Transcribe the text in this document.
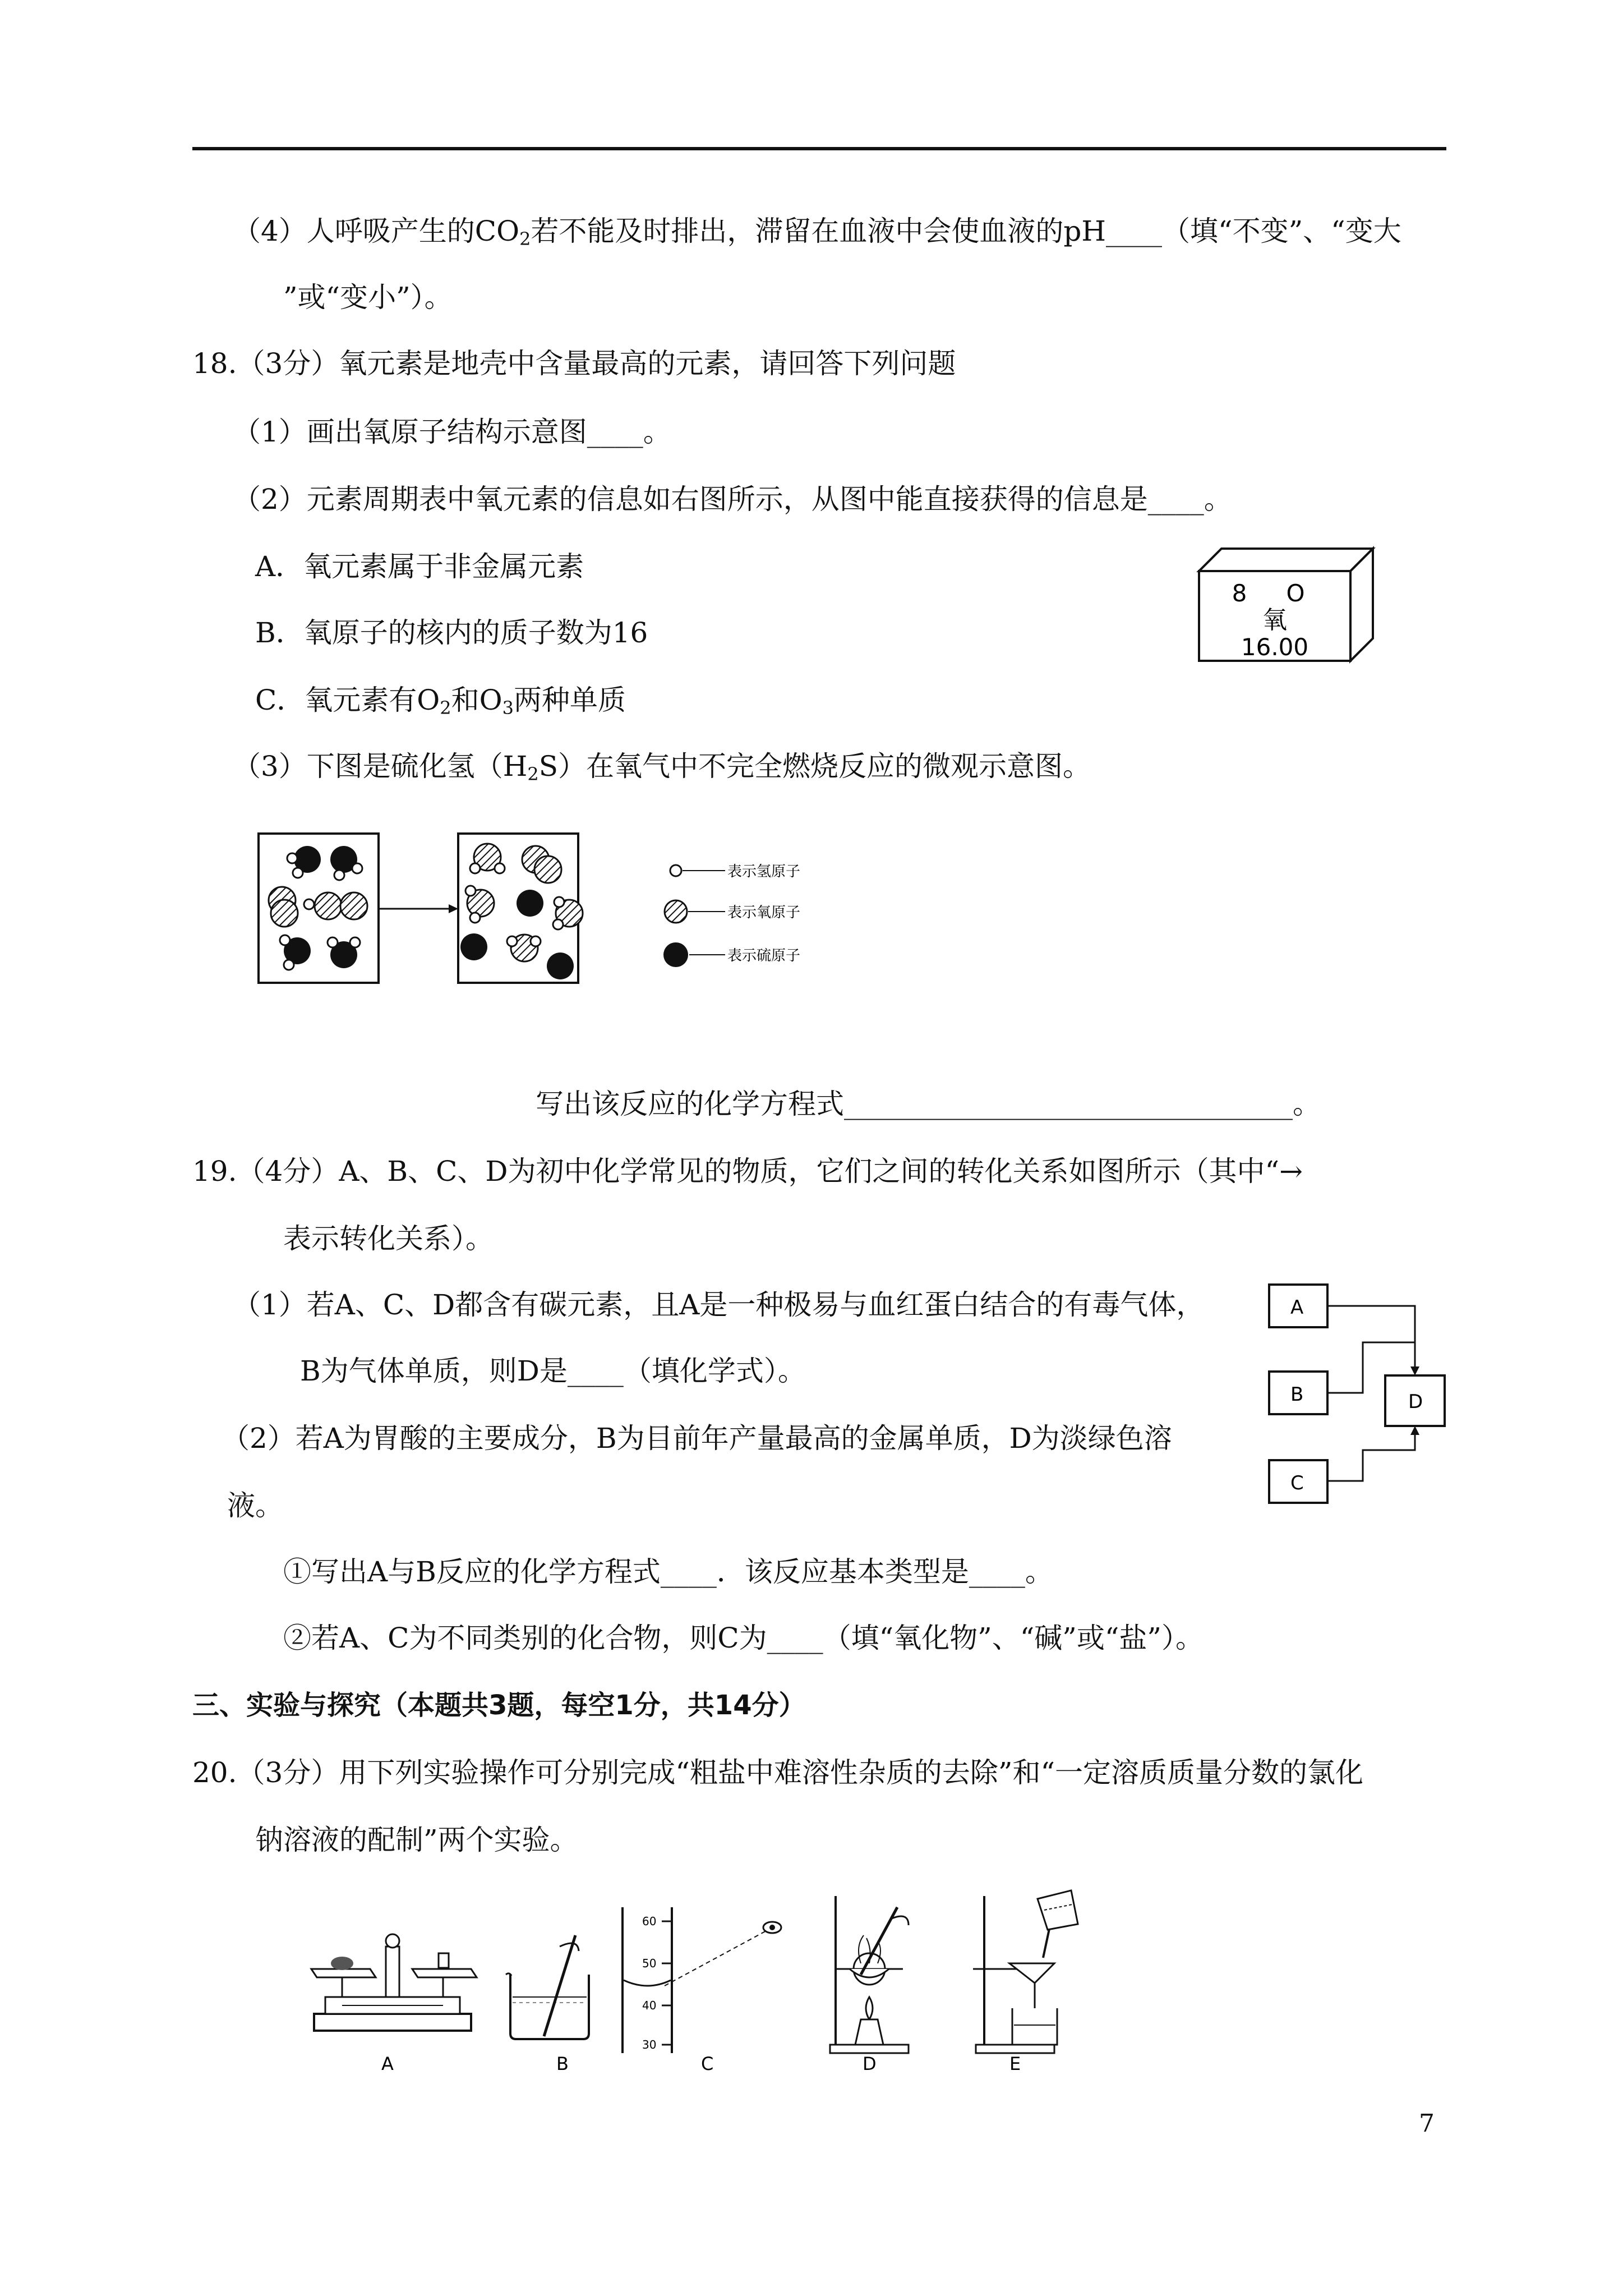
（4）人呼吸产生的$CO_2$若不能及时排出，滞留在血液中会使血液的pH____（填“不变”、“变大
”或“变小”）。
18.（3分）氧元素是地壳中含量最高的元素，请回答下列问题
（1）画出氧原子结构示意图____。
（2）元素周期表中氧元素的信息如右图所示，从图中能直接获得的信息是____。
A．氧元素属于非金属元素
B．氧原子的核内的质子数为16
C．氧元素有$O_2$和$O_3$两种单质
（3）下图是硫化氢$(H_2S)$在氧气中不完全燃烧反应的微观示意图。
8 O
氧
16.00
表示氢原子
表示氧原子
表示硫原子
写出该反应的化学方程式________________________________。
19.（4分）A、B、C、D为初中化学常见的物质，它们之间的转化关系如图所示（其中“→
表示转化关系）。
（1）若A、C、D都含有碳元素，且A是一种极易与血红蛋白结合的有毒气体，
B为气体单质，则D是____（填化学式）。
（2）若A为胃酸的主要成分，B为目前年产量最高的金属单质，D为淡绿色溶
液。
①写出A与B反应的化学方程式____．该反应基本类型是____。
②若A、C为不同类别的化合物，则C为____（填“氧化物”、“碱”或“盐”）。
A
B
C
D
三、实验与探究（本题共3题，每空1分，共14分）
20.（3分）用下列实验操作可分别完成“粗盐中难溶性杂质的去除”和“一定溶质质量分数的氯化
钠溶液的配制”两个实验。
A	B
60
50
40
30
C	D	E
7
